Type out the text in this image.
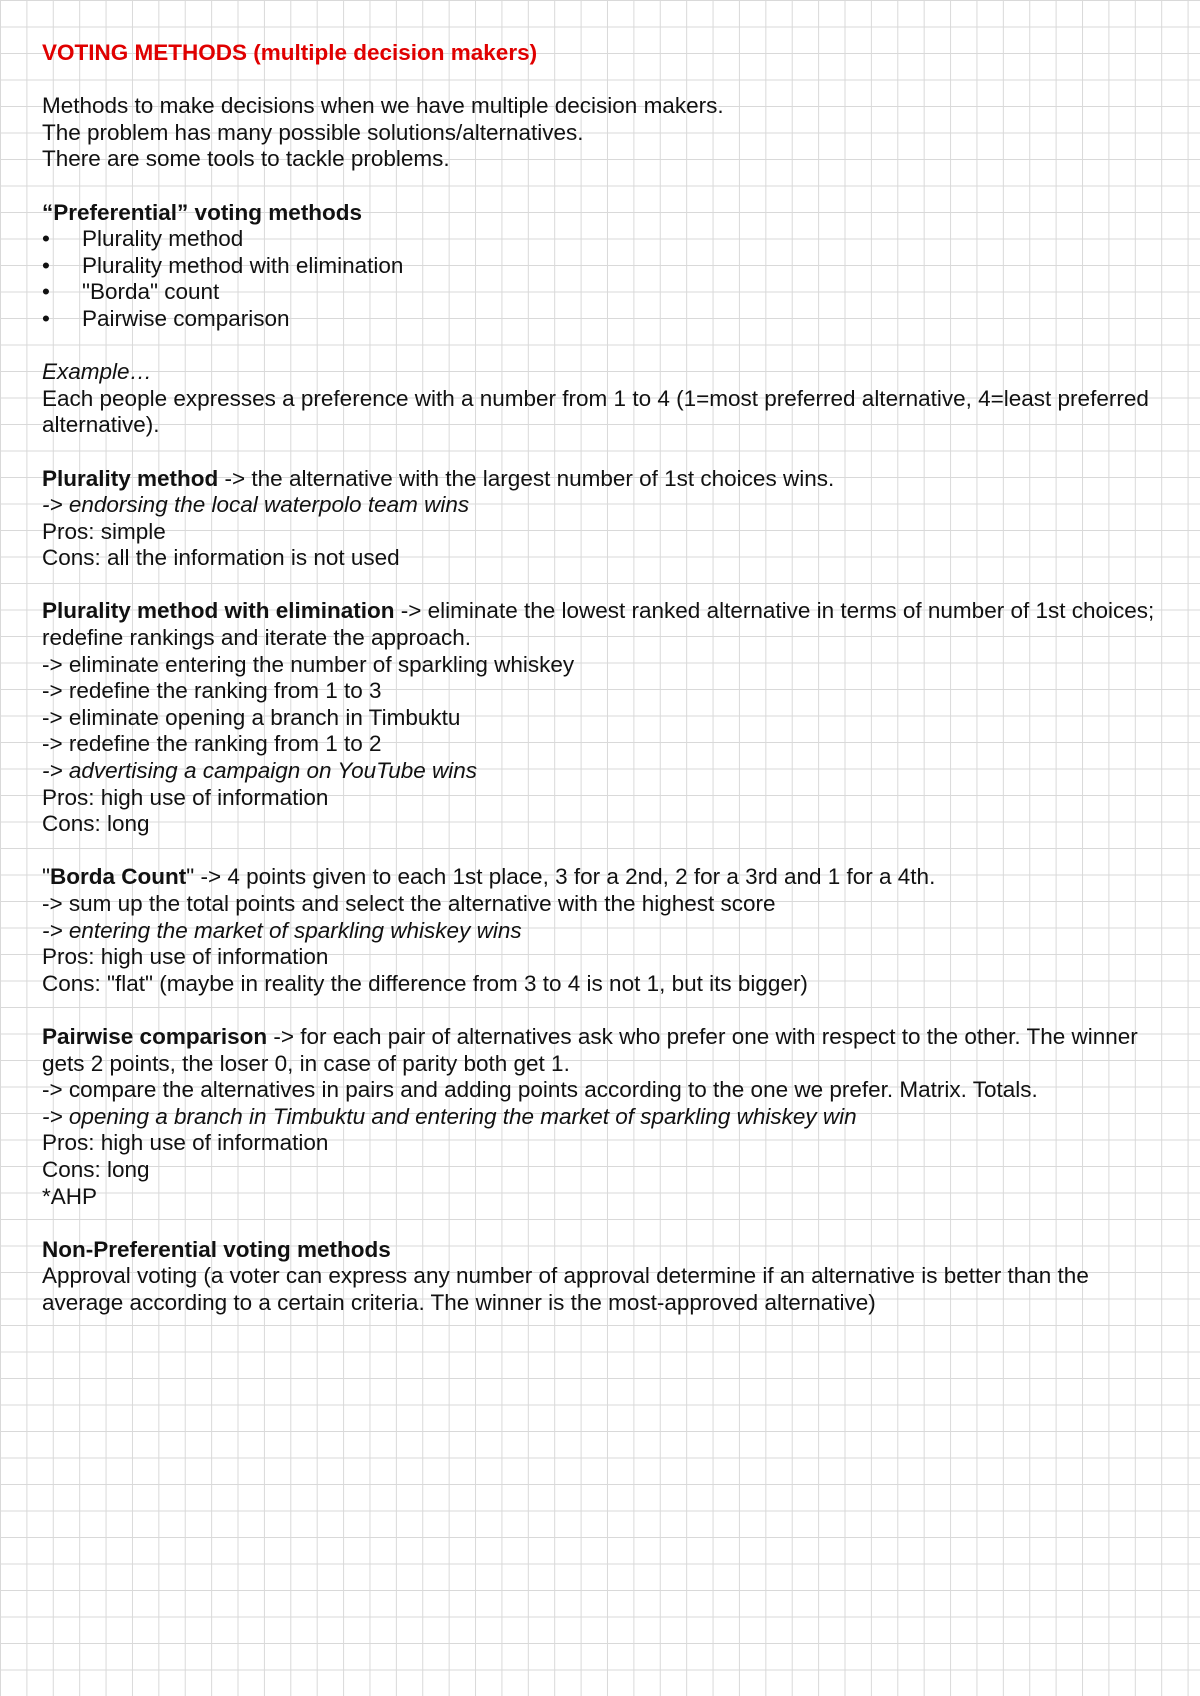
VOTING METHODS (multiple decision makers)
Methods to make decisions when we have multiple decision makers.
The problem has many possible solutions/alternatives.
There are some tools to tackle problems.
“Preferential” voting methods
• Plurality method
• Plurality method with elimination
• "Borda" count
• Pairwise comparison
Example…
Each people expresses a preference with a number from 1 to 4 (1=most preferred alternative, 4=least preferred alternative).
Plurality method -> the alternative with the largest number of 1st choices wins.
-> endorsing the local waterpolo team wins
Pros: simple
Cons: all the information is not used
Plurality method with elimination -> eliminate the lowest ranked alternative in terms of number of 1st choices; redefine rankings and iterate the approach.
-> eliminate entering the number of sparkling whiskey
-> redefine the ranking from 1 to 3
-> eliminate opening a branch in Timbuktu
-> redefine the ranking from 1 to 2
-> advertising a campaign on YouTube wins
Pros: high use of information
Cons: long
"Borda Count" -> 4 points given to each 1st place, 3 for a 2nd, 2 for a 3rd and 1 for a 4th.
-> sum up the total points and select the alternative with the highest score
-> entering the market of sparkling whiskey wins
Pros: high use of information
Cons: "flat" (maybe in reality the difference from 3 to 4 is not 1, but its bigger)
Pairwise comparison -> for each pair of alternatives ask who prefer one with respect to the other. The winner gets 2 points, the loser 0, in case of parity both get 1.
-> compare the alternatives in pairs and adding points according to the one we prefer. Matrix. Totals.
-> opening a branch in Timbuktu and entering the market of sparkling whiskey win
Pros: high use of information
Cons: long
*AHP
Non-Preferential voting methods
Approval voting (a voter can express any number of approval determine if an alternative is better than the average according to a certain criteria. The winner is the most-approved alternative)
